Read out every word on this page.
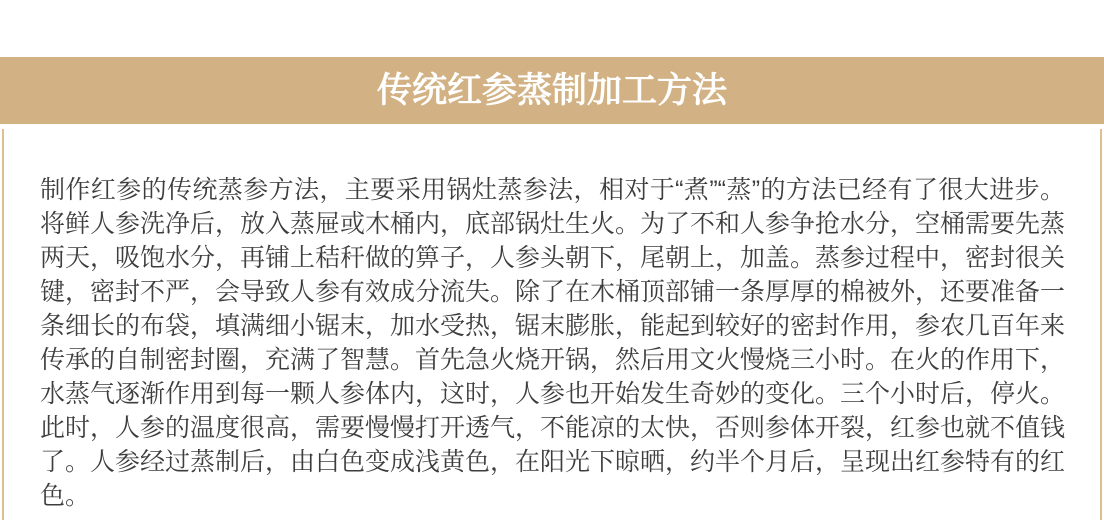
传统红参蒸制加工方法

制作红参的传统蒸参方法，主要采用锅灶蒸参法，相对于“煮”“蒸”的方法已经有了很大进步。将鲜人参洗净后，放入蒸屉或木桶内，底部锅灶生火。为了不和人参争抢水分，空桶需要先蒸两天，吸饱水分，再铺上秸秆做的箅子，人参头朝下，尾朝上，加盖。蒸参过程中，密封很关键，密封不严，会导致人参有效成分流失。除了在木桶顶部铺一条厚厚的棉被外，还要准备一条细长的布袋，填满细小锯末，加水受热，锯末膨胀，能起到较好的密封作用，参农几百年来传承的自制密封圈，充满了智慧。首先急火烧开锅，然后用文火慢烧三小时。在火的作用下，水蒸气逐渐作用到每一颗人参体内，这时，人参也开始发生奇妙的变化。三个小时后，停火。此时，人参的温度很高，需要慢慢打开透气，不能凉的太快，否则参体开裂，红参也就不值钱了。人参经过蒸制后，由白色变成浅黄色，在阳光下晾晒，约半个月后，呈现出红参特有的红色。
